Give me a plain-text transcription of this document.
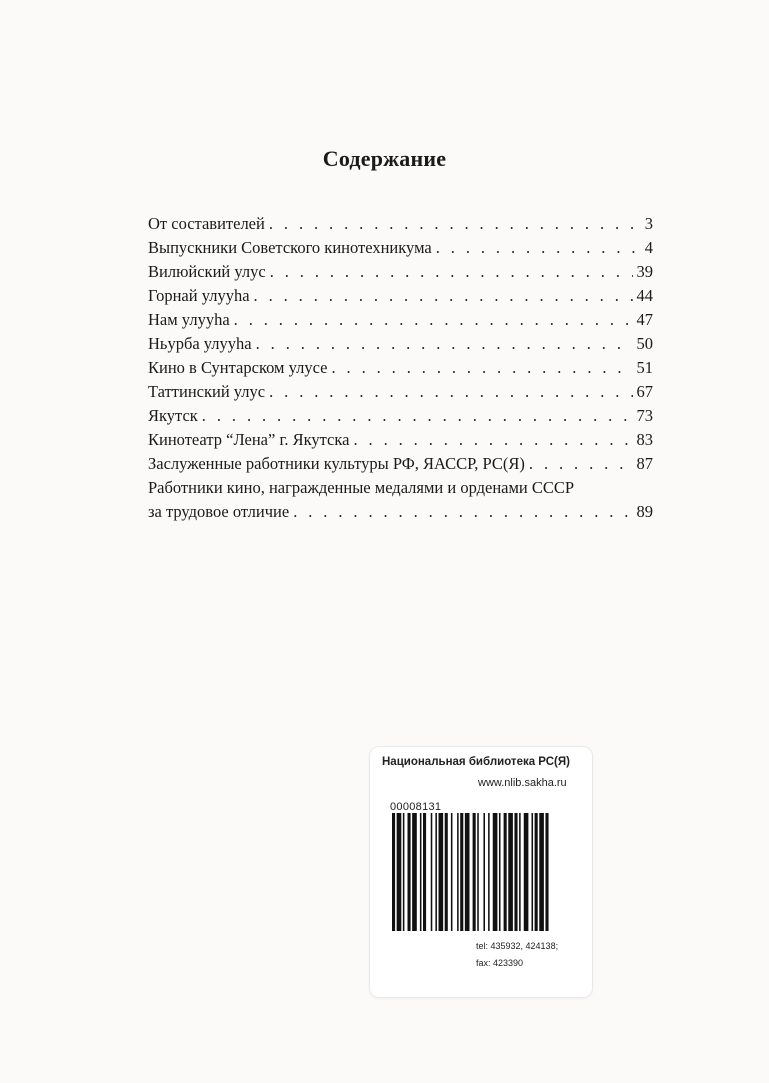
Содержание
От составителей . . .	3
Выпускники Советского кинотехникума . . .	4
Вилюйский улус . . .	39
Горнай улууhа . . .	44
Нам улууhа . . .	47
Ньурба улууhа . . .	50
Кино в Сунтарском улусе . . .	51
Таттинский улус . . .	67
Якутск . . .	73
Кинотеатр “Лена” г. Якутска . . .	83
Заслуженные работники культуры РФ, ЯАССР, РС(Я) . . .	87
Работники кино, награжденные медалями и орденами СССР
за трудовое отличие . . .	89
Национальная библиотека РС(Я)
www.nlib.sakha.ru
00008131
tel: 435932, 424138;
fax: 423390
